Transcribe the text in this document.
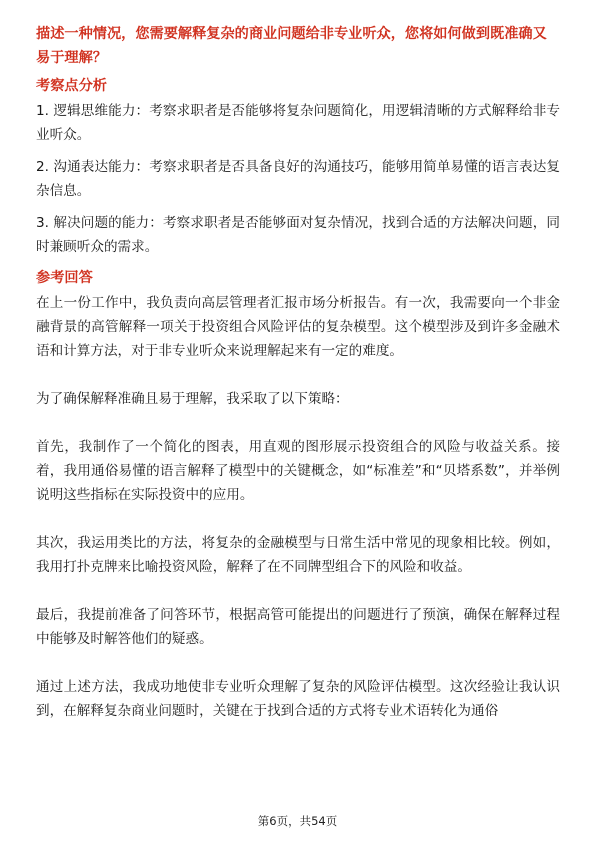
描述一种情况，您需要解释复杂的商业问题给非专业听众，您将如何做到既准确又易于理解？

考察点分析

1. 逻辑思维能力：考察求职者是否能够将复杂问题简化，用逻辑清晰的方式解释给非专业听众。

2. 沟通表达能力：考察求职者是否具备良好的沟通技巧，能够用简单易懂的语言表达复杂信息。

3. 解决问题的能力：考察求职者是否能够面对复杂情况，找到合适的方法解决问题，同时兼顾听众的需求。

参考回答

在上一份工作中，我负责向高层管理者汇报市场分析报告。有一次，我需要向一个非金融背景的高管解释一项关于投资组合风险评估的复杂模型。这个模型涉及到许多金融术语和计算方法，对于非专业听众来说理解起来有一定的难度。

为了确保解释准确且易于理解，我采取了以下策略：

首先，我制作了一个简化的图表，用直观的图形展示投资组合的风险与收益关系。接着，我用通俗易懂的语言解释了模型中的关键概念，如“标准差”和“贝塔系数”，并举例说明这些指标在实际投资中的应用。

其次，我运用类比的方法，将复杂的金融模型与日常生活中常见的现象相比较。例如，我用打扑克牌来比喻投资风险，解释了在不同牌型组合下的风险和收益。

最后，我提前准备了问答环节，根据高管可能提出的问题进行了预演，确保在解释过程中能够及时解答他们的疑惑。

通过上述方法，我成功地使非专业听众理解了复杂的风险评估模型。这次经验让我认识到，在解释复杂商业问题时，关键在于找到合适的方式将专业术语转化为通俗

第6页，共54页
